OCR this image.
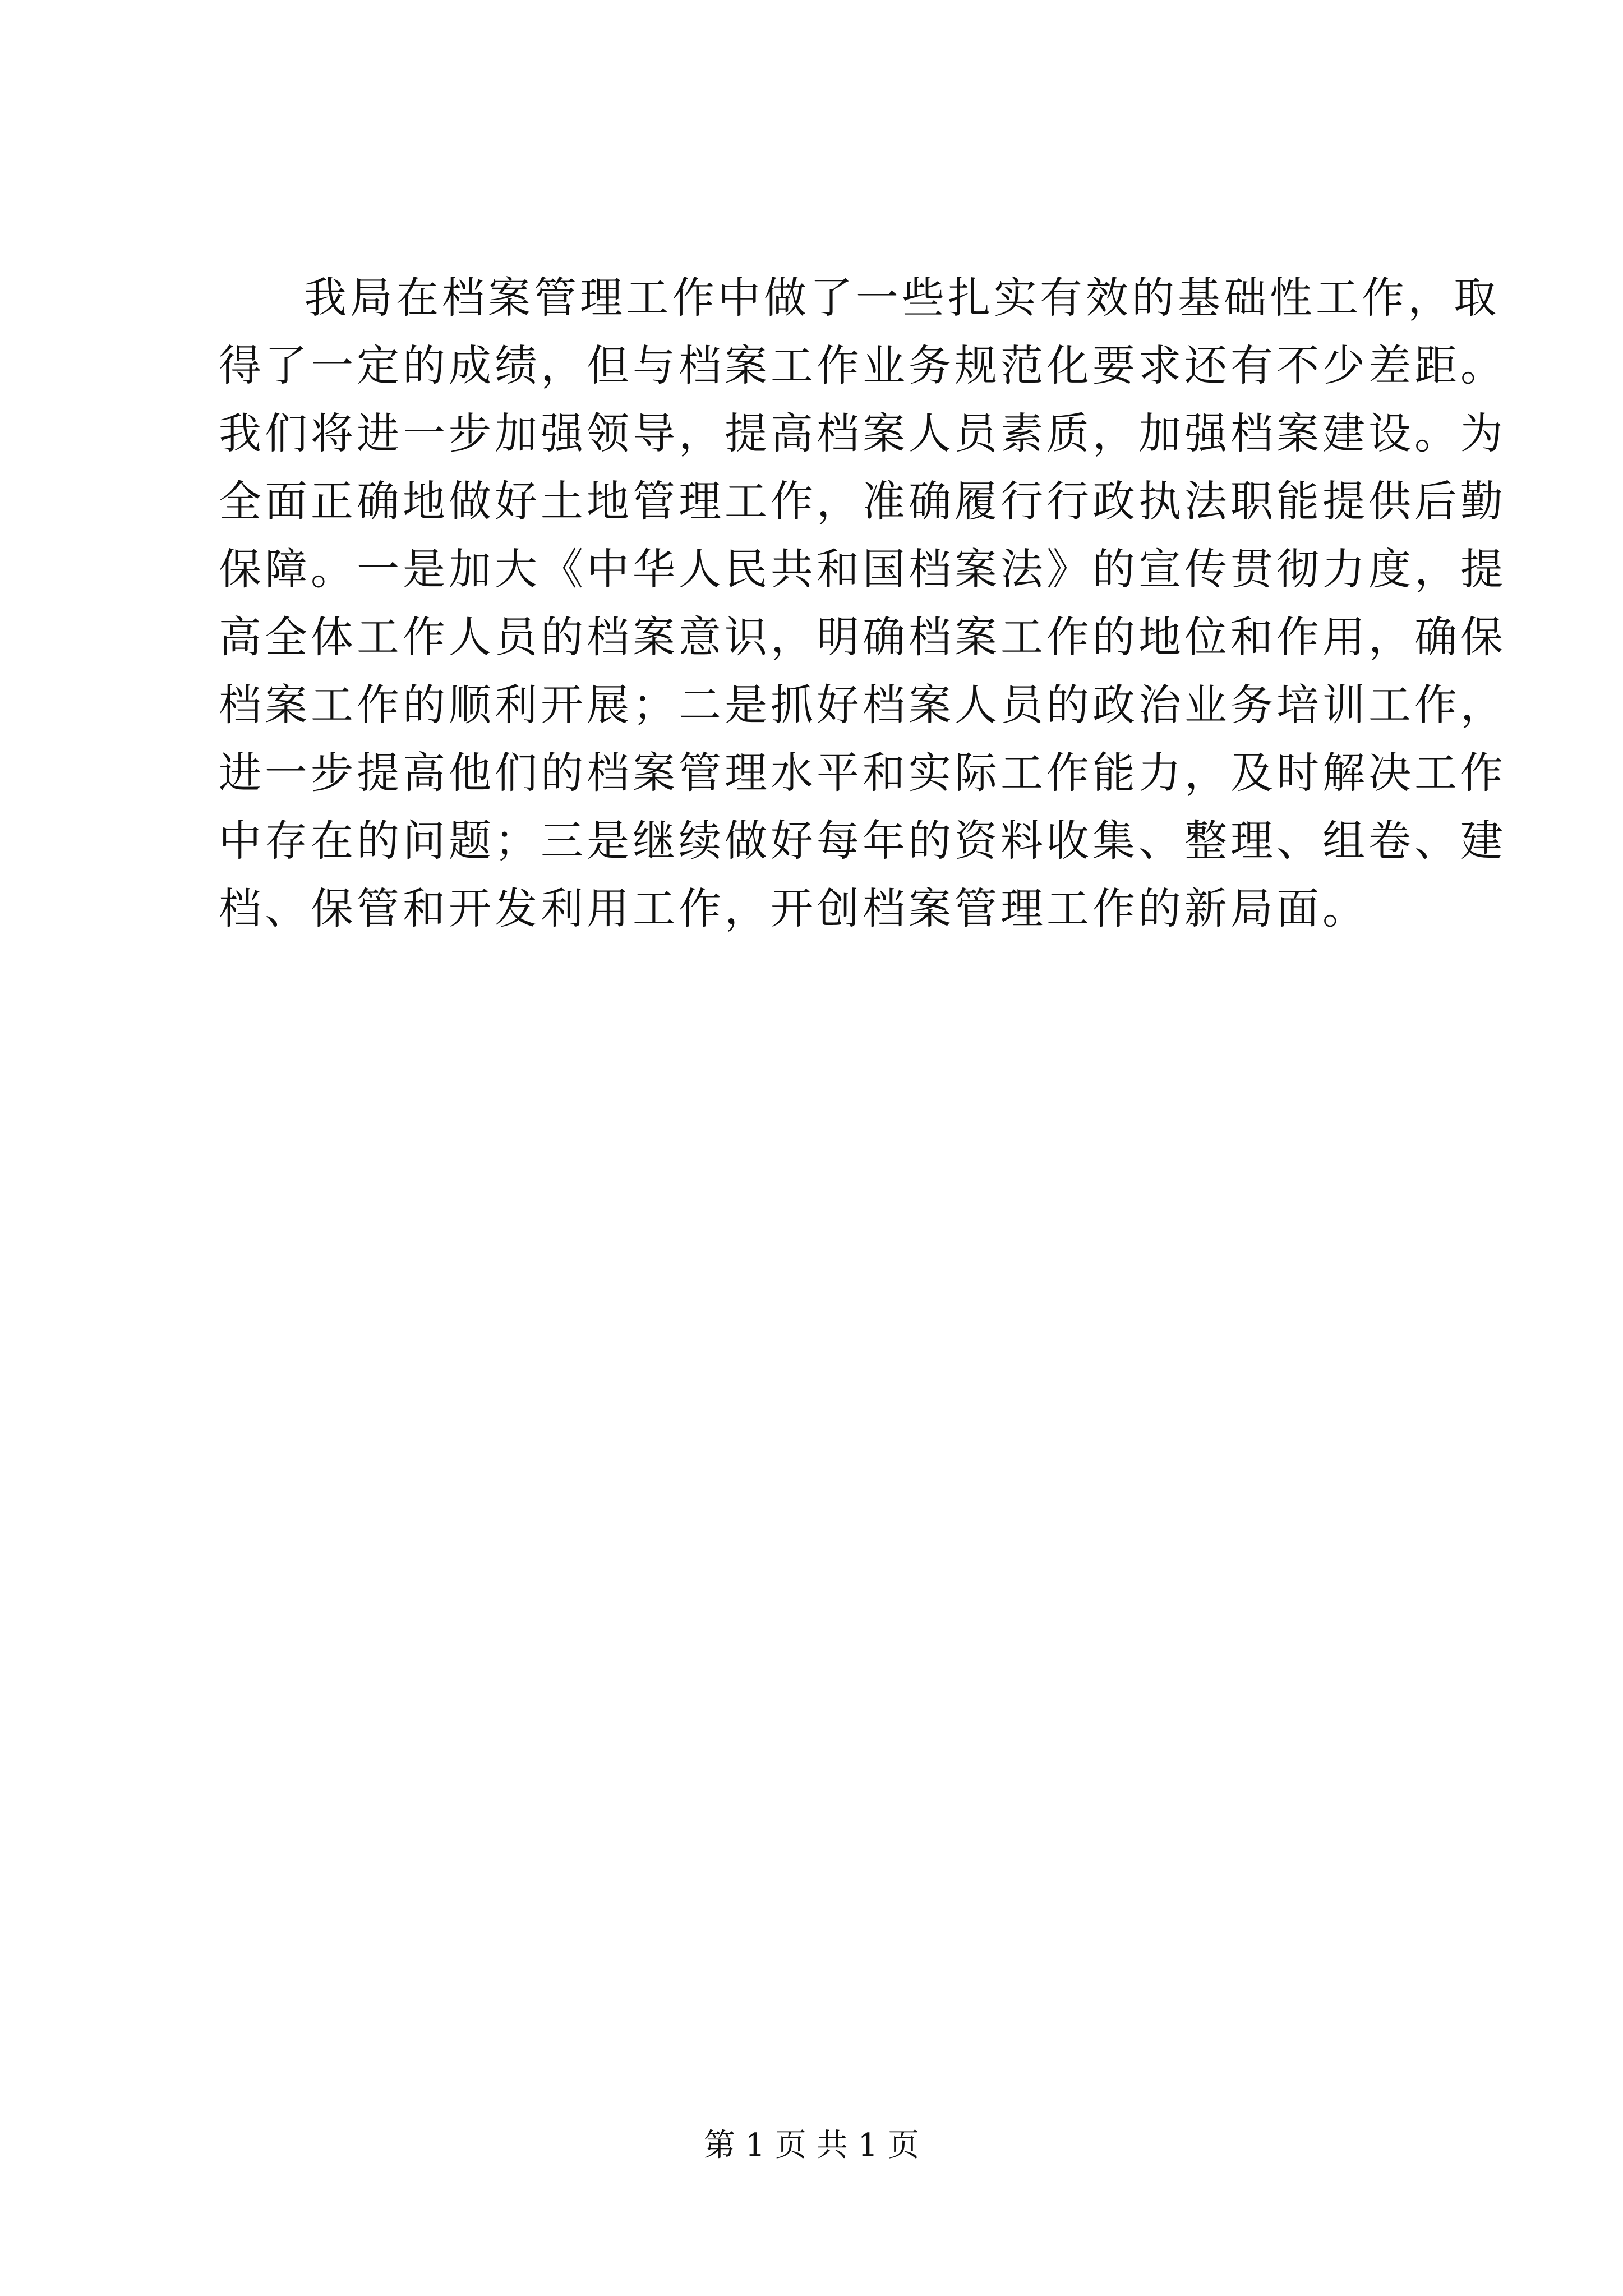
我局在档案管理工作中做了一些扎实有效的基础性工作，取
得了一定的成绩，但与档案工作业务规范化要求还有不少差距。
我们将进一步加强领导，提高档案人员素质，加强档案建设。为
全面正确地做好土地管理工作，准确履行行政执法职能提供后勤
保障。一是加大《中华人民共和国档案法》的宣传贯彻力度，提
高全体工作人员的档案意识，明确档案工作的地位和作用，确保
档案工作的顺利开展；二是抓好档案人员的政治业务培训工作，
进一步提高他们的档案管理水平和实际工作能力，及时解决工作
中存在的问题；三是继续做好每年的资料收集、整理、组卷、建
档、保管和开发利用工作，开创档案管理工作的新局面。
第 1 页 共 1 页
